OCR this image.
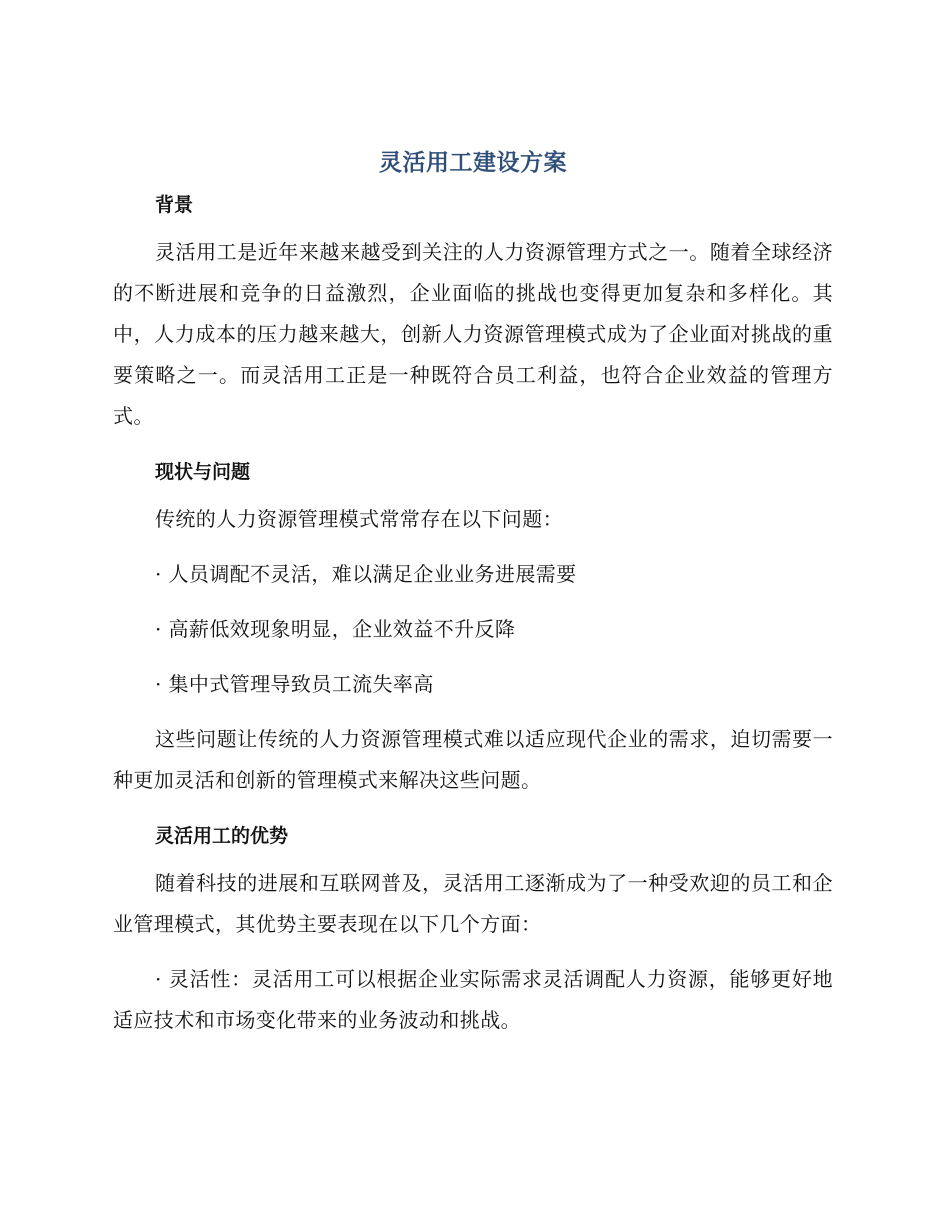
灵活用工建设方案
背景

灵活用工是近年来越来越受到关注的人力资源管理方式之一。随着全球经济的不断进展和竞争的日益激烈，企业面临的挑战也变得更加复杂和多样化。其中，人力成本的压力越来越大，创新人力资源管理模式成为了企业面对挑战的重要策略之一。而灵活用工正是一种既符合员工利益，也符合企业效益的管理方式。

现状与问题

传统的人力资源管理模式常常存在以下问题：

· 人员调配不灵活，难以满足企业业务进展需要

· 高薪低效现象明显，企业效益不升反降

· 集中式管理导致员工流失率高

这些问题让传统的人力资源管理模式难以适应现代企业的需求，迫切需要一种更加灵活和创新的管理模式来解决这些问题。

灵活用工的优势

随着科技的进展和互联网普及，灵活用工逐渐成为了一种受欢迎的员工和企业管理模式，其优势主要表现在以下几个方面：

· 灵活性：灵活用工可以根据企业实际需求灵活调配人力资源，能够更好地适应技术和市场变化带来的业务波动和挑战。
